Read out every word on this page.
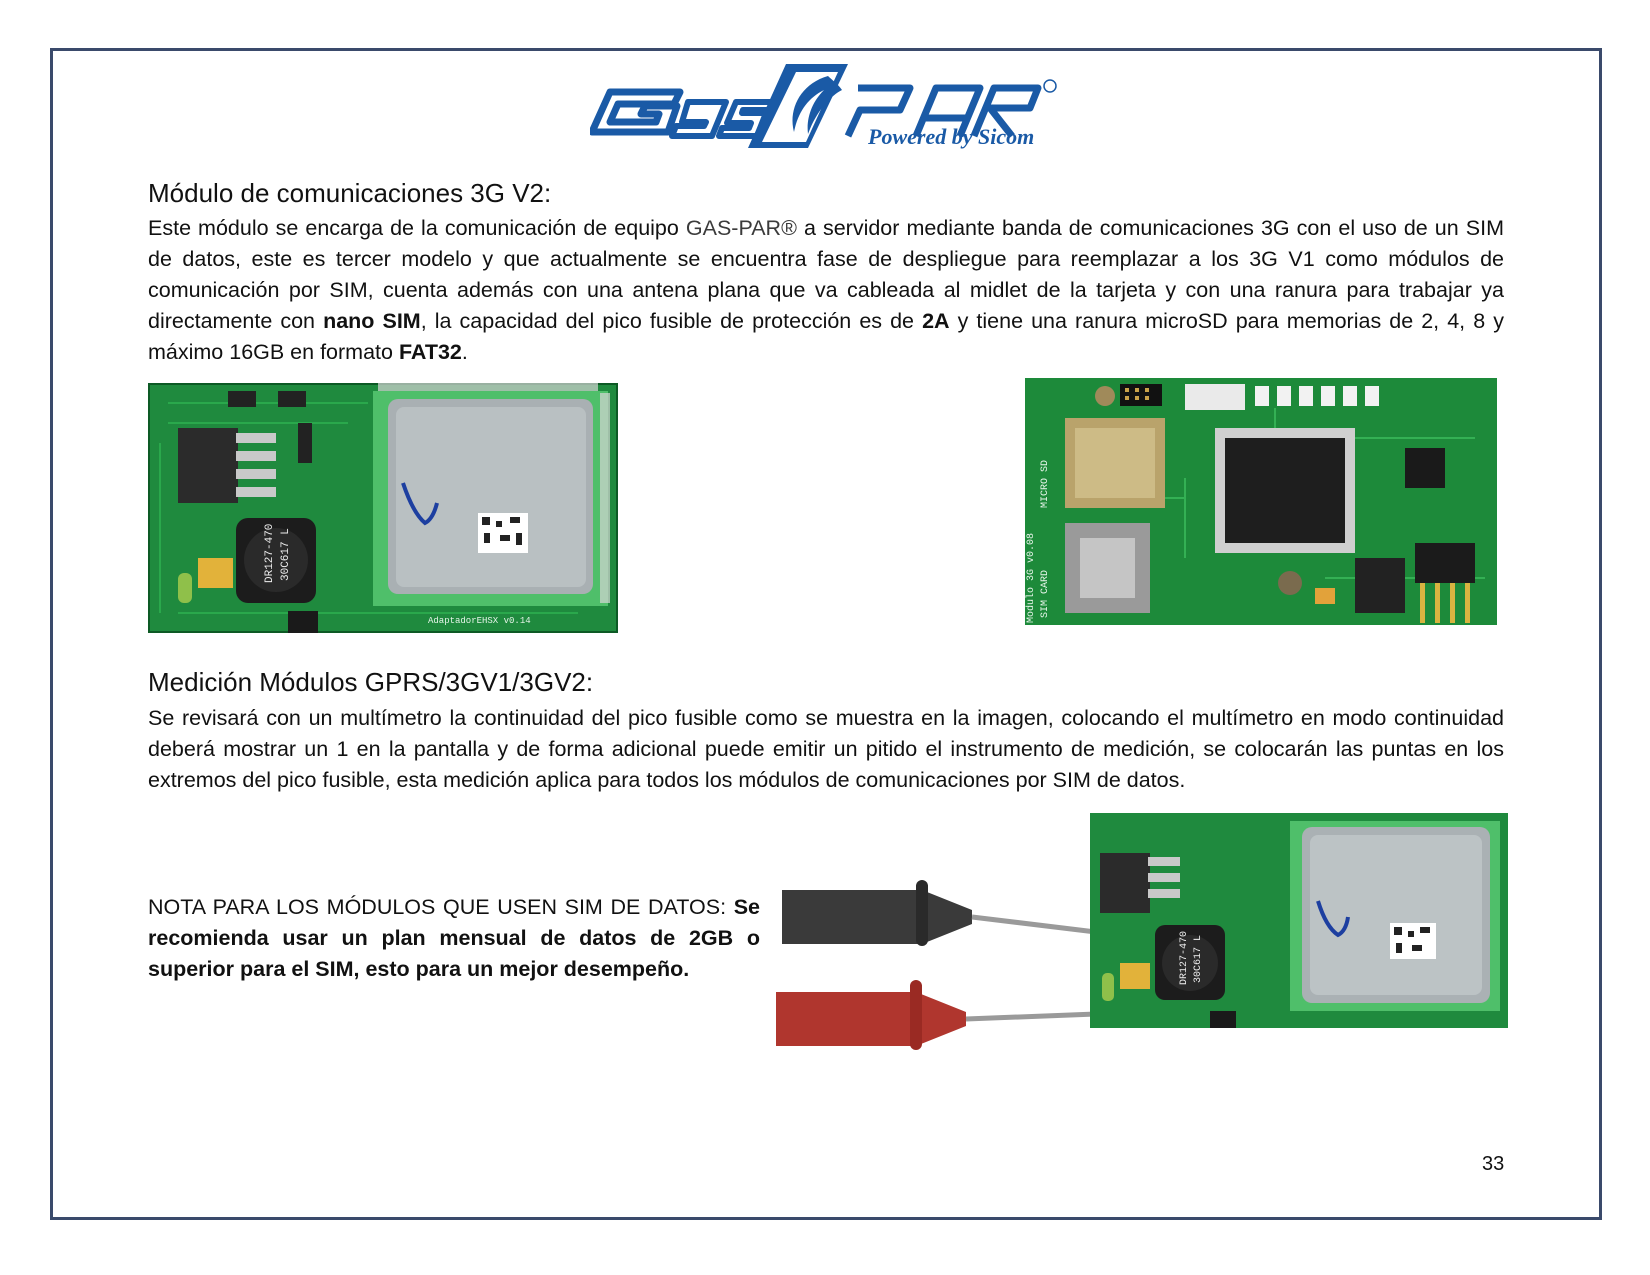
Powered by Sicom
Módulo de comunicaciones 3G V2:

Este módulo se encarga de la comunicación de equipo GAS-PAR® a servidor mediante banda de comunicaciones 3G con el uso de un SIM de datos, este es tercer modelo y que actualmente se encuentra fase de despliegue para reemplazar a los 3G V1 como módulos de comunicación por SIM, cuenta además con una antena plana que va cableada al midlet de la tarjeta y con una ranura para trabajar ya directamente con nano SIM, la capacidad del pico fusible de protección es de 2A y tiene una ranura microSD para memorias de 2, 4, 8 y máximo 16GB en formato FAT32.

DR127-470 30C617 L
AdaptadorEHSX v0.14
MICRO SD
SIM CARD
Modulo 3G v0.08
Medición Módulos GPRS/3GV1/3GV2:

Se revisará con un multímetro la continuidad del pico fusible como se muestra en la imagen, colocando el multímetro en modo continuidad deberá mostrar un 1 en la pantalla y de forma adicional puede emitir un pitido el instrumento de medición, se colocarán las puntas en los extremos del pico fusible, esta medición aplica para todos los módulos de comunicaciones por SIM de datos.

NOTA PARA LOS MÓDULOS QUE USEN SIM DE DATOS: Se recomienda usar un plan mensual de datos de 2GB o superior para el SIM, esto para un mejor desempeño.	DR127-470 30C617 L
33
